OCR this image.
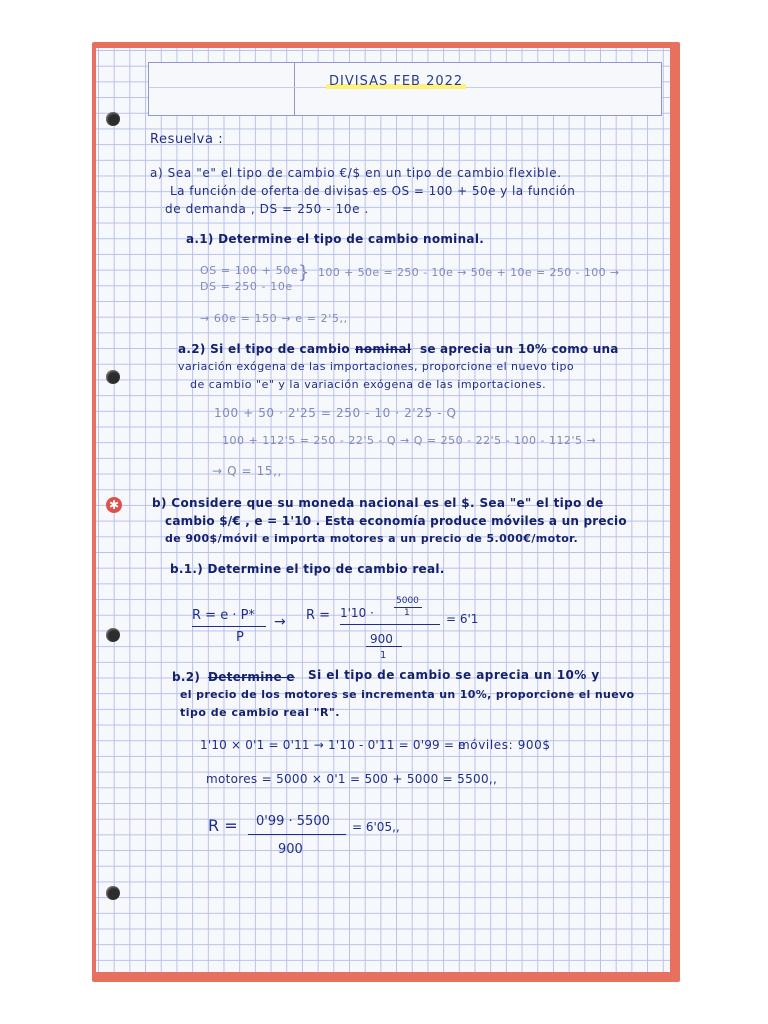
DIVISAS FEB 2022
✱
Resuelva :
a) Sea "e" el tipo de cambio €/$ en un tipo de cambio flexible.
La función de oferta de divisas es OS = 100 + 50e y la función
de demanda , DS = 250 - 10e .
a.1) Determine el tipo de cambio nominal.
OS = 100 + 50e
DS = 250 - 10e
} 100 + 50e = 250 - 10e → 50e + 10e = 250 - 100 →
→ 60e = 150 → e = 2'5,,
a.2) Si el tipo de cambio nominal se aprecia un 10% como una
variación exógena de las importaciones, proporcione el nuevo tipo
de cambio "e" y la variación exógena de las importaciones.
100 + 50 · 2'25 = 250 - 10 · 2'25 - Q
100 + 112'5 = 250 - 22'5 - Q → Q = 250 - 22'5 - 100 - 112'5 →
→ Q = 15,,
b) Considere que su moneda nacional es el $. Sea "e" el tipo de
cambio $/€ , e = 1'10 . Esta economía produce móviles a un precio
de 900$/móvil e importa motores a un precio de 5.000€/motor.
b.1.) Determine el tipo de cambio real.
R = e · P*
P
→ R = 1'10 ·
5000
1
900
1
= 6'1
b.2) Determine e Si el tipo de cambio se aprecia un 10% y
el precio de los motores se incrementa un 10%, proporcione el nuevo
tipo de cambio real "R".
1'10 × 0'1 = 0'11 → 1'10 - 0'11 = 0'99 = e
móviles: 900$
motores = 5000 × 0'1 = 500 + 5000 = 5500,,
R = 0'99 · 5500
900
= 6'05,,
